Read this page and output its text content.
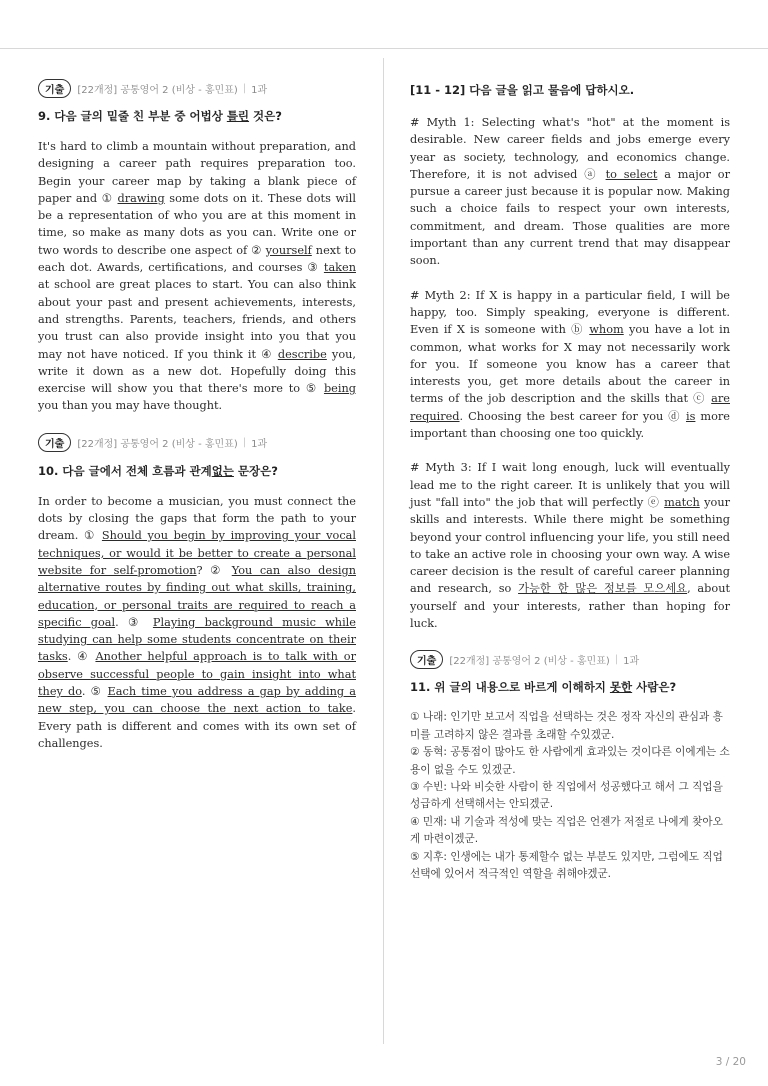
기출	[22개정] 공통영어 2 (비상 - 홍민표) | 1과
9. 다음 글의 밑줄 친 부분 중 어법상 틀린 것은?
It's hard to climb a mountain without preparation, and designing a career path requires preparation too. Begin your career map by taking a blank piece of paper and ① drawing some dots on it. These dots will be a representation of who you are at this moment in time, so make as many dots as you can. Write one or two words to describe one aspect of ② yourself next to each dot. Awards, certifications, and courses ③ taken at school are great places to start. You can also think about your past and present achievements, interests, and strengths. Parents, teachers, friends, and others you trust can also provide insight into you that you may not have noticed. If you think it ④ describe you, write it down as a new dot. Hopefully doing this exercise will show you that there's more to ⑤ being you than you may have thought.
기출	[22개정] 공통영어 2 (비상 - 홍민표) | 1과
10. 다음 글에서 전체 흐름과 관계없는 문장은?
In order to become a musician, you must connect the dots by closing the gaps that form the path to your dream. ① Should you begin by improving your vocal techniques, or would it be better to create a personal website for self-promotion? ② You can also design alternative routes by finding out what skills, training, education, or personal traits are required to reach a specific goal. ③ Playing background music while studying can help some students concentrate on their tasks. ④ Another helpful approach is to talk with or observe successful people to gain insight into what they do. ⑤ Each time you address a gap by adding a new step, you can choose the next action to take. Every path is different and comes with its own set of challenges.
[11 - 12] 다음 글을 읽고 물음에 답하시오.
# Myth 1: Selecting what's "hot" at the moment is desirable. New career fields and jobs emerge every year as society, technology, and economics change. Therefore, it is not advised ⓐ to select a major or pursue a career just because it is popular now. Making such a choice fails to respect your own interests, commitment, and dream. Those qualities are more important than any current trend that may disappear soon.
# Myth 2: If X is happy in a particular field, I will be happy, too. Simply speaking, everyone is different. Even if X is someone with ⓑ whom you have a lot in common, what works for X may not necessarily work for you. If someone you know has a career that interests you, get more details about the career in terms of the job description and the skills that ⓒ are required. Choosing the best career for you ⓓ is more important than choosing one too quickly.
# Myth 3: If I wait long enough, luck will eventually lead me to the right career. It is unlikely that you will just "fall into" the job that will perfectly ⓔ match your skills and interests. While there might be something beyond your control influencing your life, you still need to take an active role in choosing your own way. A wise career decision is the result of careful career planning and research, so 가능한 한 많은 정보를 모으세요, about yourself and your interests, rather than hoping for luck.
기출	[22개정] 공통영어 2 (비상 - 홍민표) | 1과
11. 위 글의 내용으로 바르게 이해하지 못한 사람은?
① 나래: 인기만 보고서 직업을 선택하는 것은 정작 자신의 관심과 흥미를 고려하지 않은 결과를 초래할 수있겠군.
② 동혁: 공통점이 많아도 한 사람에게 효과있는 것이다른 이에게는 소용이 없을 수도 있겠군.
③ 수빈: 나와 비슷한 사람이 한 직업에서 성공했다고 해서 그 직업을 성급하게 선택해서는 안되겠군.
④ 민재: 내 기술과 적성에 맞는 직업은 언젠가 저절로 나에게 찾아오게 마련이겠군.
⑤ 지후: 인생에는 내가 통제할수 없는 부분도 있지만, 그럼에도 직업선택에 있어서 적극적인 역할을 취해야겠군.
3 / 20
